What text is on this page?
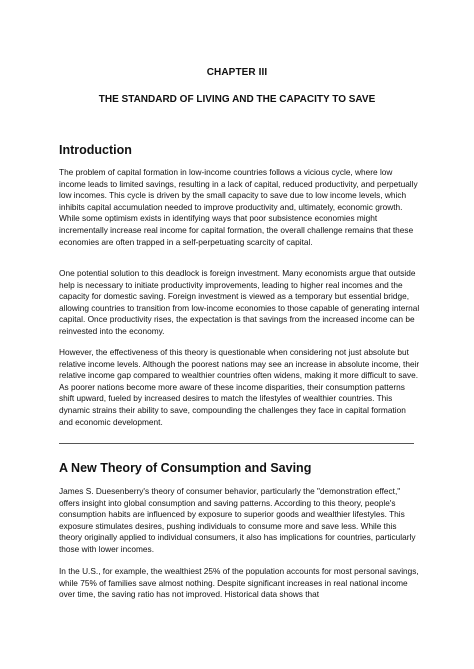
CHAPTER III
THE STANDARD OF LIVING AND THE CAPACITY TO SAVE
Introduction
The problem of capital formation in low-income countries follows a vicious cycle, where low income leads to limited savings, resulting in a lack of capital, reduced productivity, and perpetually low incomes. This cycle is driven by the small capacity to save due to low income levels, which inhibits capital accumulation needed to improve productivity and, ultimately, economic growth. While some optimism exists in identifying ways that poor subsistence economies might incrementally increase real income for capital formation, the overall challenge remains that these economies are often trapped in a self-perpetuating scarcity of capital.
One potential solution to this deadlock is foreign investment. Many economists argue that outside help is necessary to initiate productivity improvements, leading to higher real incomes and the capacity for domestic saving. Foreign investment is viewed as a temporary but essential bridge, allowing countries to transition from low-income economies to those capable of generating internal capital. Once productivity rises, the expectation is that savings from the increased income can be reinvested into the economy.
However, the effectiveness of this theory is questionable when considering not just absolute but relative income levels. Although the poorest nations may see an increase in absolute income, their relative income gap compared to wealthier countries often widens, making it more difficult to save. As poorer nations become more aware of these income disparities, their consumption patterns shift upward, fueled by increased desires to match the lifestyles of wealthier countries. This dynamic strains their ability to save, compounding the challenges they face in capital formation and economic development.
A New Theory of Consumption and Saving
James S. Duesenberry's theory of consumer behavior, particularly the "demonstration effect," offers insight into global consumption and saving patterns. According to this theory, people's consumption habits are influenced by exposure to superior goods and wealthier lifestyles. This exposure stimulates desires, pushing individuals to consume more and save less. While this theory originally applied to individual consumers, it also has implications for countries, particularly those with lower incomes.
In the U.S., for example, the wealthiest 25% of the population accounts for most personal savings, while 75% of families save almost nothing. Despite significant increases in real national income over time, the saving ratio has not improved. Historical data shows that
